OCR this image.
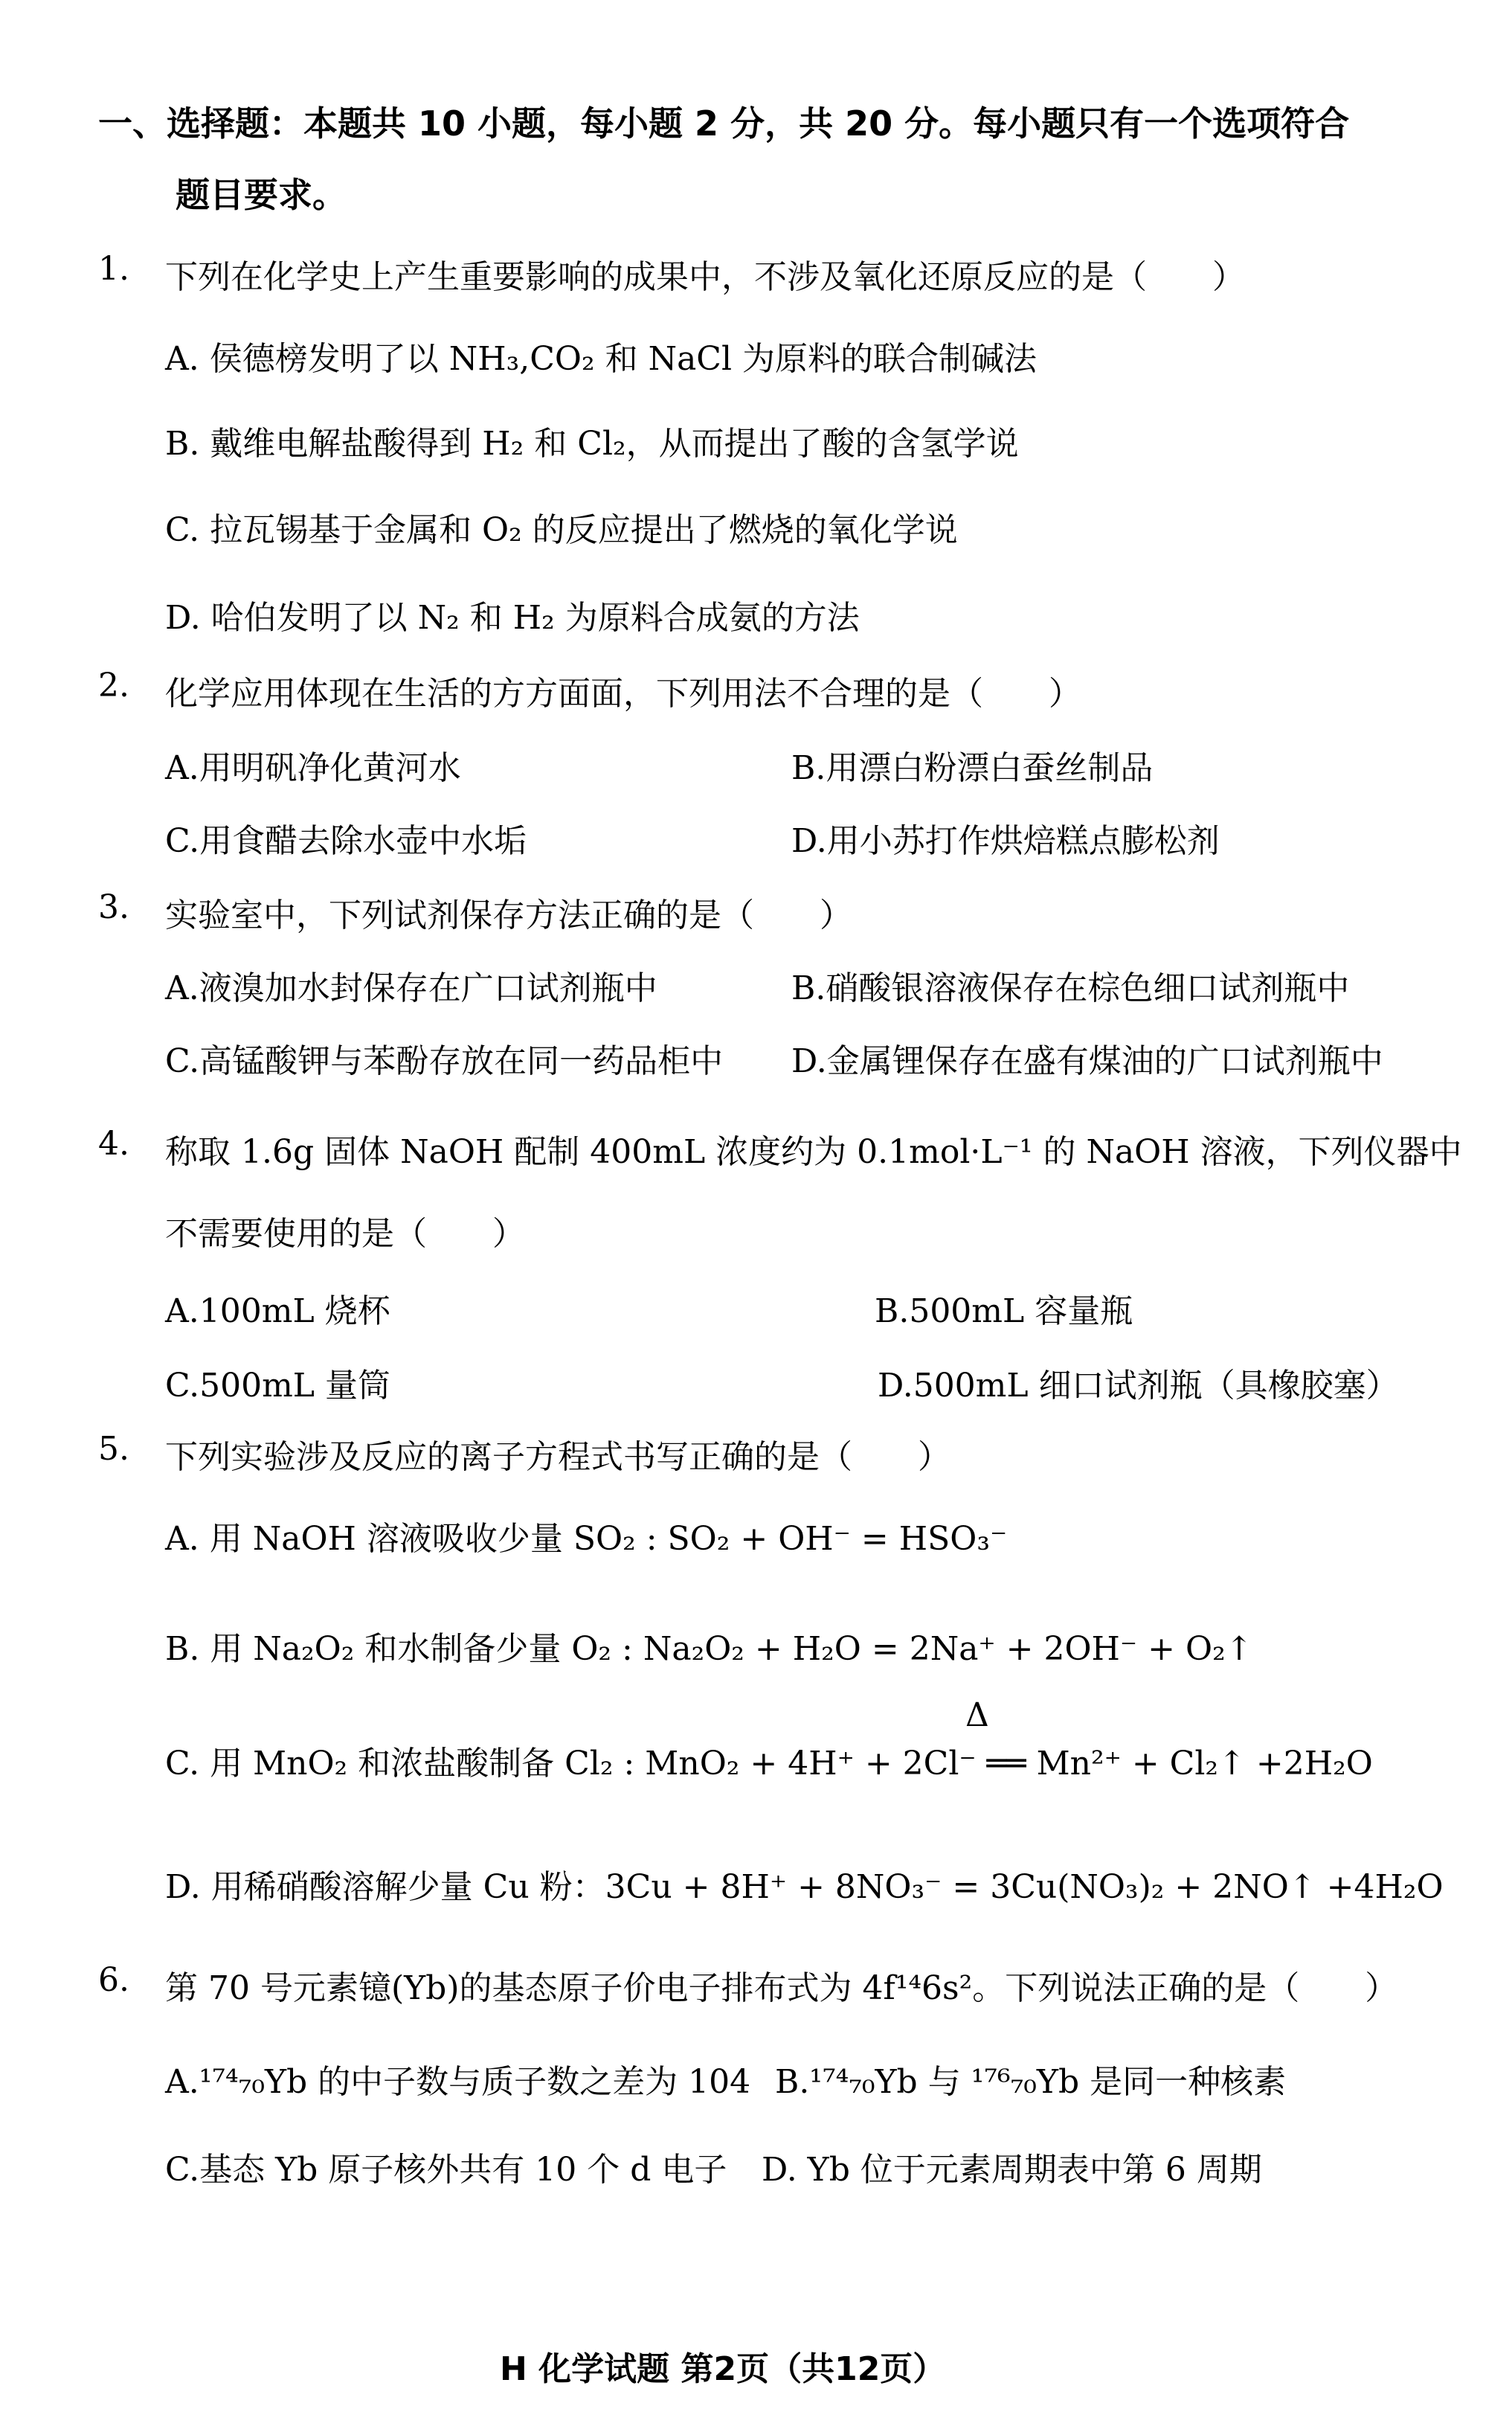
一、选择题：本题共 10 小题，每小题 2 分，共 20 分。每小题只有一个选项符合
题目要求。
1. 下列在化学史上产生重要影响的成果中，不涉及氧化还原反应的是（　　）
A. 侯德榜发明了以 NH₃,CO₂ 和 NaCl 为原料的联合制碱法
B. 戴维电解盐酸得到 H₂ 和 Cl₂，从而提出了酸的含氢学说
C. 拉瓦锡基于金属和 O₂ 的反应提出了燃烧的氧化学说
D. 哈伯发明了以 N₂ 和 H₂ 为原料合成氨的方法
2. 化学应用体现在生活的方方面面，下列用法不合理的是（　　）
A.用明矾净化黄河水	B.用漂白粉漂白蚕丝制品
C.用食醋去除水壶中水垢	D.用小苏打作烘焙糕点膨松剂
3. 实验室中，下列试剂保存方法正确的是（　　）
A.液溴加水封保存在广口试剂瓶中	B.硝酸银溶液保存在棕色细口试剂瓶中
C.高锰酸钾与苯酚存放在同一药品柜中 D.金属锂保存在盛有煤油的广口试剂瓶中
4. 称取 1.6g 固体 NaOH 配制 400mL 浓度约为 0.1mol·L⁻¹ 的 NaOH 溶液，下列仪器中
不需要使用的是（　　）
A.100mL 烧杯	B.500mL 容量瓶
C.500mL 量筒	D.500mL 细口试剂瓶（具橡胶塞）
5. 下列实验涉及反应的离子方程式书写正确的是（　　）
A. 用 NaOH 溶液吸收少量 SO₂ : SO₂ + OH⁻ = HSO₃⁻
B. 用 Na₂O₂ 和水制备少量 O₂ : Na₂O₂ + H₂O = 2Na⁺ + 2OH⁻ + O₂↑
Δ
C. 用 MnO₂ 和浓盐酸制备 Cl₂ : MnO₂ + 4H⁺ + 2Cl⁻ ══ Mn²⁺ + Cl₂↑ +2H₂O
D. 用稀硝酸溶解少量 Cu 粉：3Cu + 8H⁺ + 8NO₃⁻ = 3Cu(NO₃)₂ + 2NO↑ +4H₂O
6. 第 70 号元素镱(Yb)的基态原子价电子排布式为 4f¹⁴6s²。下列说法正确的是（　　）
A.¹⁷⁴₇₀Yb 的中子数与质子数之差为 104 B.¹⁷⁴₇₀Yb 与 ¹⁷⁶₇₀Yb 是同一种核素
C.基态 Yb 原子核外共有 10 个 d 电子 D. Yb 位于元素周期表中第 6 周期
H 化学试题 第2页（共12页）
